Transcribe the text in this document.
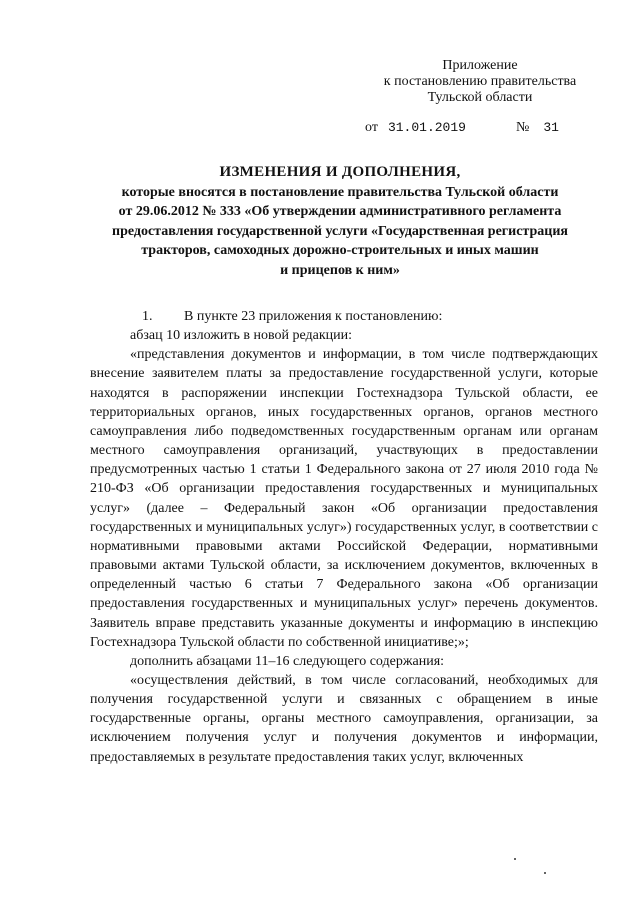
Приложение
к постановлению правительства
Тульской области
от 31.01.2019	№ 31
ИЗМЕНЕНИЯ И ДОПОЛНЕНИЯ,
которые вносятся в постановление правительства Тульской области
от 29.06.2012 № 333 «Об утверждении административного регламента
предоставления государственной услуги «Государственная регистрация
тракторов, самоходных дорожно-строительных и иных машин
и прицепов к ним»

1. В пункте 23 приложения к постановлению:

абзац 10 изложить в новой редакции:

«представления документов и информации, в том числе подтверждающих внесение заявителем платы за предоставление государственной услуги, которые находятся в распоряжении инспекции Гостехнадзора Тульской области, ее территориальных органов, иных государственных органов, органов местного самоуправления либо подведомственных государственным органам или органам местного самоуправления организаций, участвующих в предоставлении предусмотренных частью 1 статьи 1 Федерального закона от 27 июля 2010 года № 210-ФЗ «Об организации предоставления государственных и муниципальных услуг» (далее – Федеральный закон «Об организации предоставления государственных и муниципальных услуг») государственных услуг, в соответствии с нормативными правовыми актами Российской Федерации, нормативными правовыми актами Тульской области, за исключением документов, включенных в определенный частью 6 статьи 7 Федерального закона «Об организации предоставления государственных и муниципальных услуг» перечень документов. Заявитель вправе представить указанные документы и информацию в инспекцию Гостехнадзора Тульской области по собственной инициативе;»;

дополнить абзацами 11–16 следующего содержания:

«осуществления действий, в том числе согласований, необходимых для получения государственной услуги и связанных с обращением в иные государственные органы, органы местного самоуправления, организации, за исключением получения услуг и получения документов и информации, предоставляемых в результате предоставления таких услуг, включенных
